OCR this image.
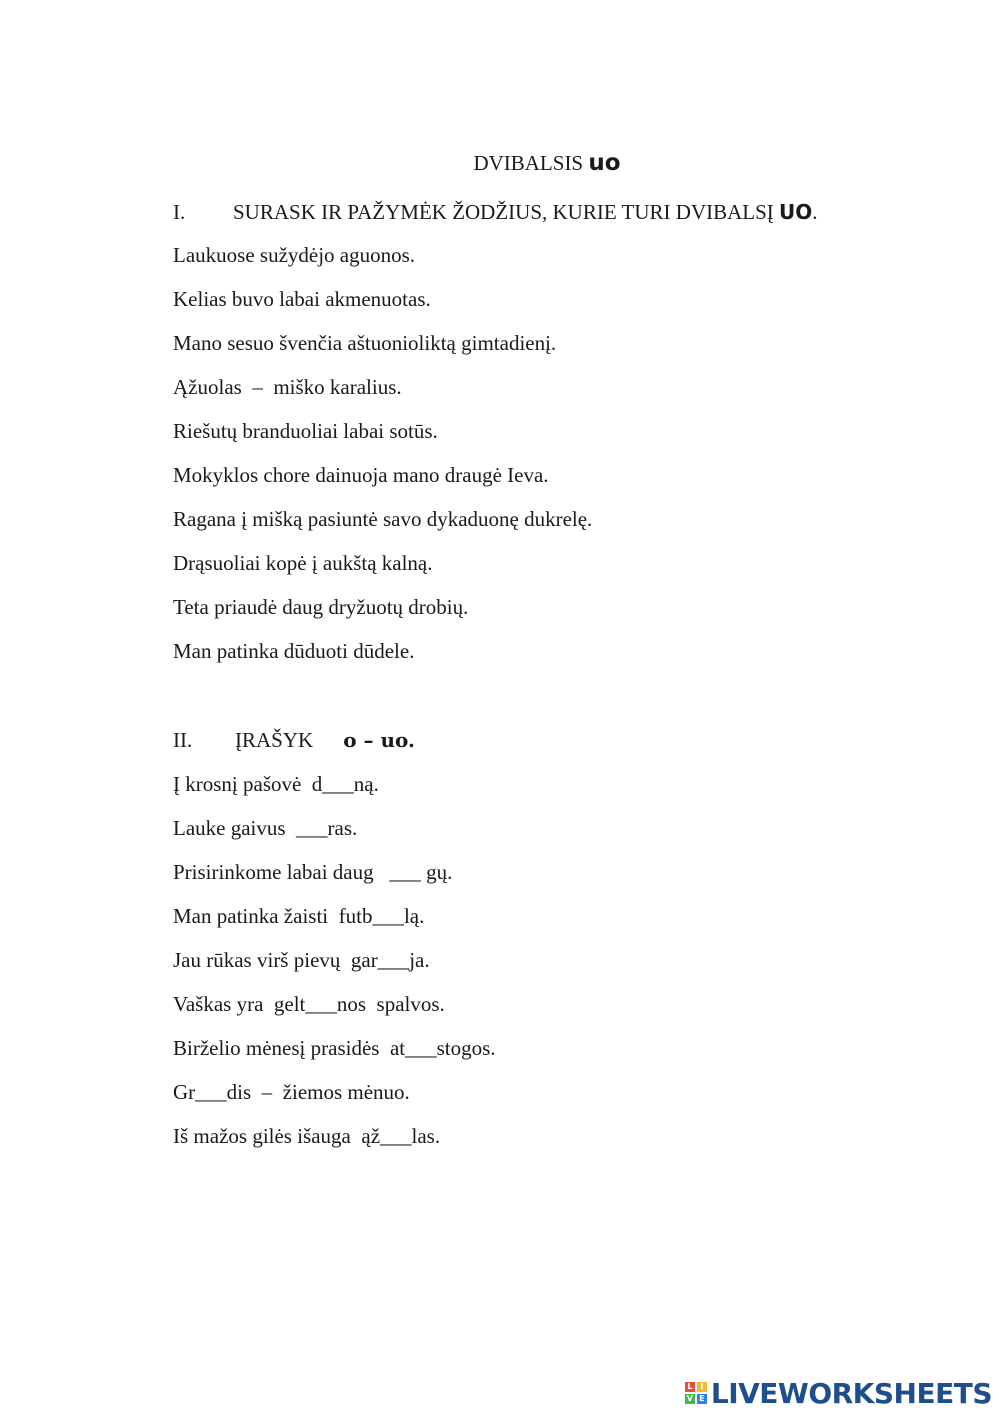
DVIBALSIS uo
I. SURASK IR PAŽYMĖK ŽODŽIUS, KURIE TURI DVIBALSĮ UO.
Laukuose sužydėjo aguonos.
Kelias buvo labai akmenuotas.
Mano sesuo švenčia aštuonioliktą gimtadienį.
Ąžuolas  –  miško karalius.
Riešutų branduoliai labai sotūs.
Mokyklos chore dainuoja mano draugė Ieva.
Ragana į mišką pasiuntė savo dykaduonę dukrelę.
Drąsuoliai kopė į aukštą kalną.
Teta priaudė daug dryžuotų drobių.
Man patinka dūduoti dūdele.
II. ĮRAŠYK o – uo.
Į krosnį pašovė  d___ną.
Lauke gaivus  ___ras.
Prisirinkome labai daug   ___ gų.
Man patinka žaisti  futb___lą.
Jau rūkas virš pievų  gar___ja.
Vaškas yra  gelt___nos  spalvos.
Birželio mėnesį prasidės  at___stogos.
Gr___dis  –  žiemos mėnuo.
Iš mažos gilės išauga  ąž___las.
L I
V E LIVEWORKSHEETS
